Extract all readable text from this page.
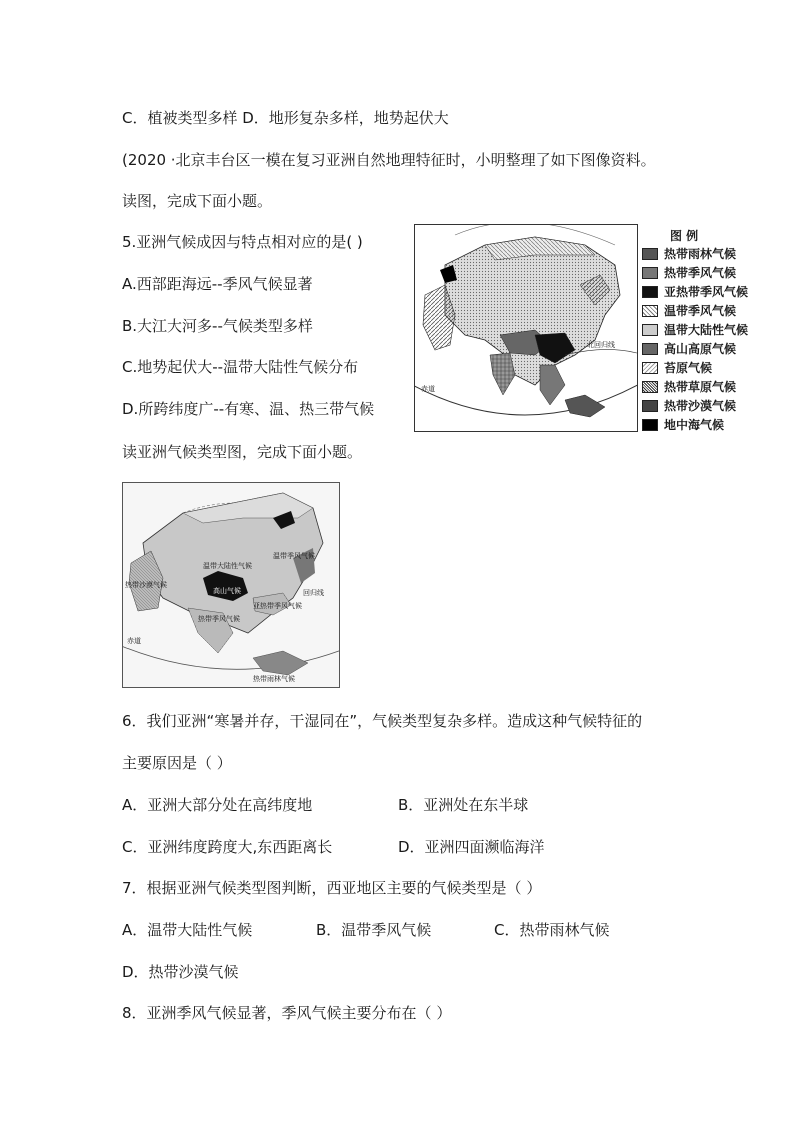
C．植被类型多样 D．地形复杂多样，地势起伏大
(2020 ·北京丰台区一模在复习亚洲自然地理特征时，小明整理了如下图像资料。
读图，完成下面小题。
5.亚洲气候成因与特点相对应的是( )
A.西部距海远--季风气候显著
B.大江大河多--气候类型多样
C.地势起伏大--温带大陆性气候分布
D.所跨纬度广--有寒、温、热三带气候
北回归线
赤道
图 例
热带雨林气候
热带季风气候
亚热带季风气候
温带季风气候
温带大陆性气候
高山高原气候
苔原气候
热带草原气候
热带沙漠气候
地中海气候
读亚洲气候类型图，完成下面小题。
温带季风气候
温带大陆性气候
热带沙漠气候
高山气候
亚热带季风气候
热带季风气候
热带雨林气候
赤道
回归线
6．我们亚洲“寒暑并存，干湿同在”，气候类型复杂多样。造成这种气候特征的
主要原因是（ ）
A．亚洲大部分处在高纬度地	B．亚洲处在东半球
C．亚洲纬度跨度大,东西距离长	D．亚洲四面濒临海洋
7．根据亚洲气候类型图判断，西亚地区主要的气候类型是（ ）
A．温带大陆性气候	B．温带季风气候	C．热带雨林气候
D．热带沙漠气候
8．亚洲季风气候显著，季风气候主要分布在（ ）
